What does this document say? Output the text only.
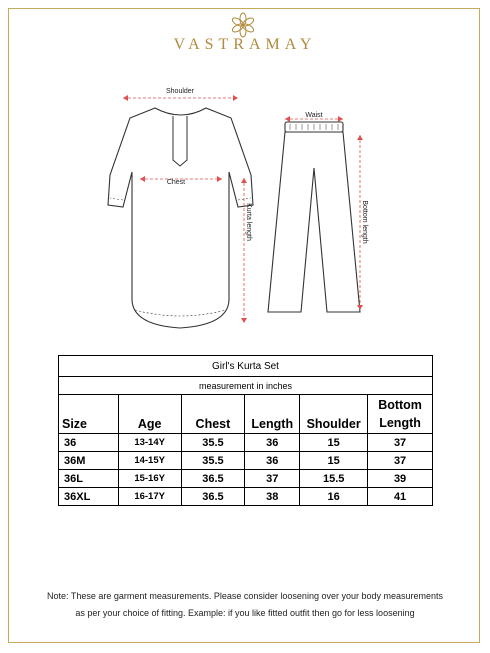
VASTRAMAY
Shoulder
Chest
Kurta length
Waist
Bottom length
Girl's Kurta Set					
measurement in inches					
Size	Age	Chest	Length	Shoulder	Bottom
Length

36	13-14Y	35.5	36	15	37
36M	14-15Y	35.5	36	15	37
36L	15-16Y	36.5	37	15.5	39
36XL	16-17Y	36.5	38	16	41
Note: These are garment measurements. Please consider loosening over your body measurements
as per your choice of fitting. Example: if you like fitted outfit then go for less loosening
